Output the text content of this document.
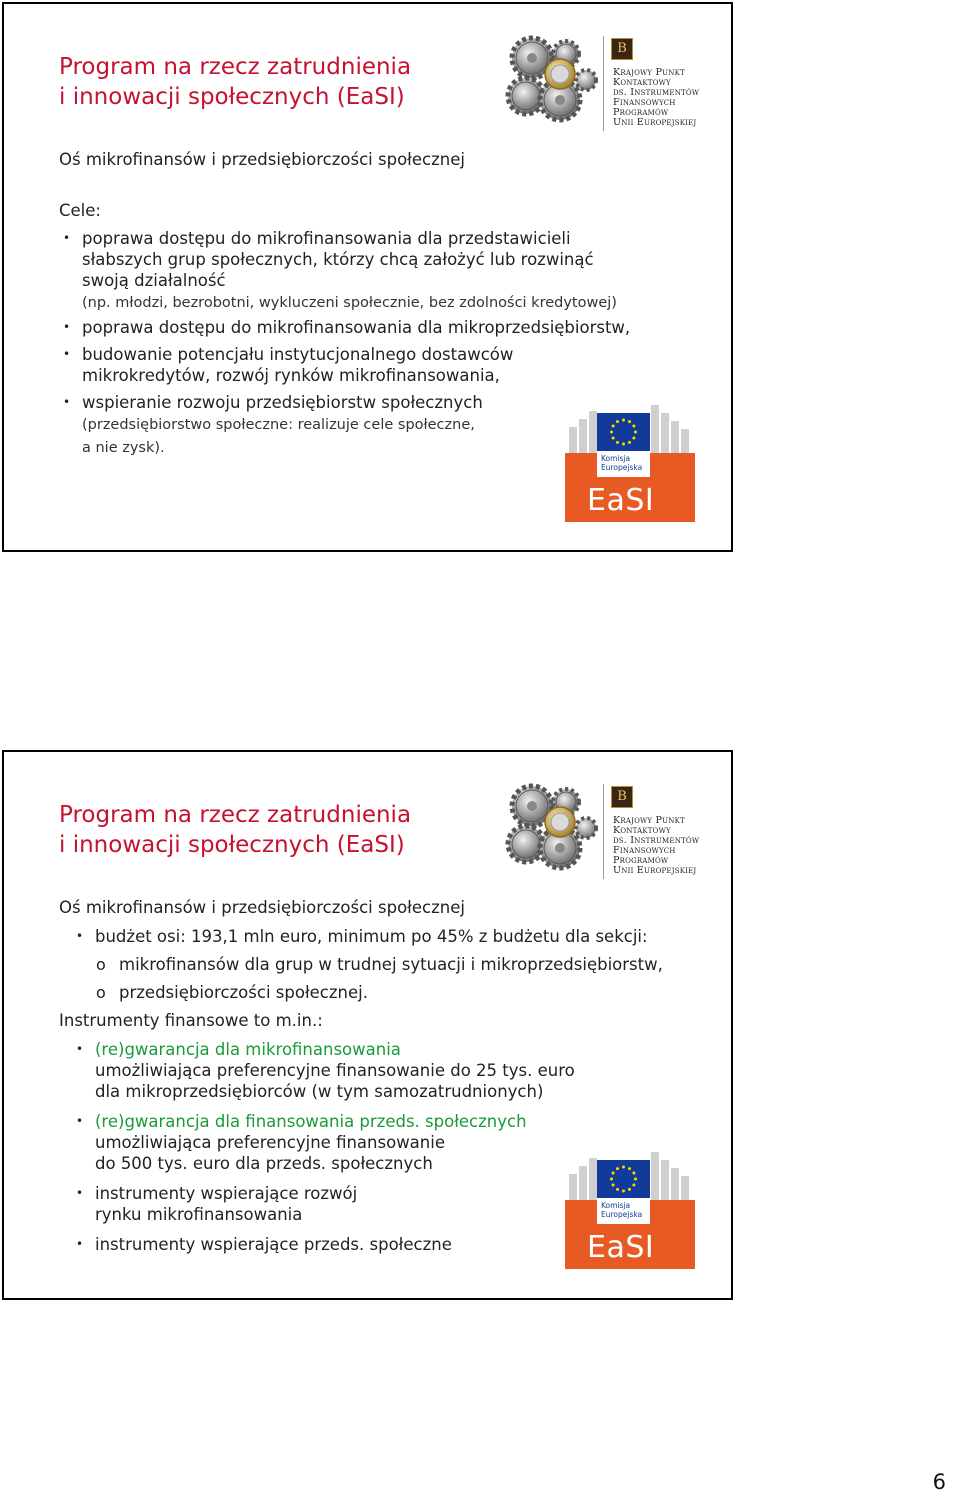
Program na rzecz zatrudnienia
i innowacji społecznych (EaSI)
B
Krajowy Punkt
Kontaktowy
ds. Instrumentów
Finansowych
Programów
Unii Europejskiej
Oś mikrofinansów i przedsiębiorczości społecznej
Cele:
• poprawa dostępu do mikrofinansowania dla przedstawicieli
słabszych grup społecznych, którzy chcą założyć lub rozwinąć
swoją działalność
(np. młodzi, bezrobotni, wykluczeni społecznie, bez zdolności kredytowej)
• poprawa dostępu do mikrofinansowania dla mikroprzedsiębiorstw,
• budowanie potencjału instytucjonalnego dostawców
mikrokredytów, rozwój rynków mikrofinansowania,
• wspieranie rozwoju przedsiębiorstw społecznych
(przedsiębiorstwo społeczne: realizuje cele społeczne,
a nie zysk).
Komisja
Europejska
EaSI
Program na rzecz zatrudnienia
i innowacji społecznych (EaSI)
B
Krajowy Punkt
Kontaktowy
ds. Instrumentów
Finansowych
Programów
Unii Europejskiej
Oś mikrofinansów i przedsiębiorczości społecznej
• budżet osi: 193,1 mln euro, minimum po 45% z budżetu dla sekcji:
o mikrofinansów dla grup w trudnej sytuacji i mikroprzedsiębiorstw,
o przedsiębiorczości społecznej.
Instrumenty finansowe to m.in.:
• (re)gwarancja dla mikrofinansowania
umożliwiająca preferencyjne finansowanie do 25 tys. euro
dla mikroprzedsiębiorców (w tym samozatrudnionych)
• (re)gwarancja dla finansowania przeds. społecznych
umożliwiająca preferencyjne finansowanie
do 500 tys. euro dla przeds. społecznych
• instrumenty wspierające rozwój
rynku mikrofinansowania
• instrumenty wspierające przeds. społeczne
Komisja
Europejska
EaSI
6
